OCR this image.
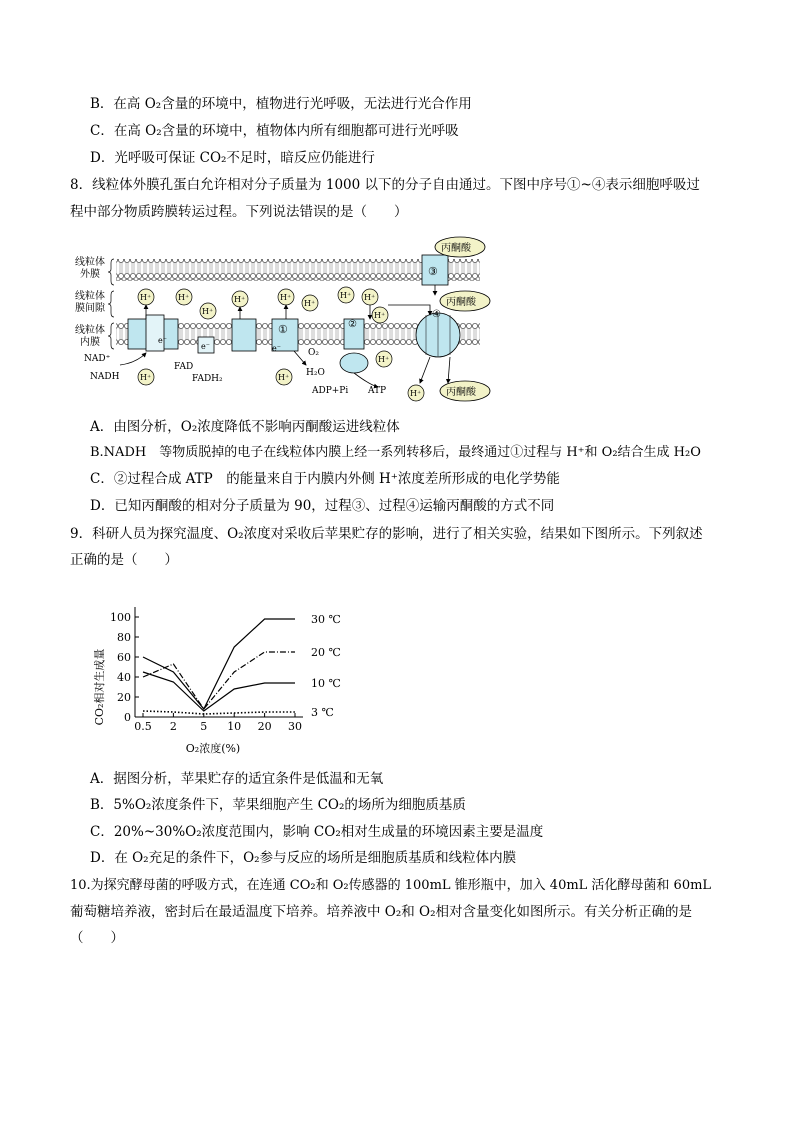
B．在高 O₂含量的环境中，植物进行光呼吸，无法进行光合作用
C．在高 O₂含量的环境中，植物体内所有细胞都可进行光呼吸
D．光呼吸可保证 CO₂不足时，暗反应仍能进行
8．线粒体外膜孔蛋白允许相对分子质量为 1000 以下的分子自由通过。下图中序号①~④表示细胞呼吸过
程中部分物质跨膜转运过程。下列说法错误的是（　　）
线粒体
外膜
线粒体
膜间隙
线粒体
内膜
③
丙酮酸
丙酮酸
丙酮酸
e⁻
①
e⁻
e⁻
②
④
H⁺	H⁺
H⁺
H⁺	H⁺
H⁺
H⁺ H⁺
H⁺
H⁺	H⁺
H⁺
H⁺
NAD⁺
NADH
FAD
FADH₂
O₂
H₂O
ADP+Pi ATP
A．由图分析，O₂浓度降低不影响丙酮酸运进线粒体
B.NADH　等物质脱掉的电子在线粒体内膜上经一系列转移后，最终通过①过程与 H⁺和 O₂结合生成 H₂O
C．②过程合成 ATP　的能量来自于内膜内外侧 H⁺浓度差所形成的电化学势能
D．已知丙酮酸的相对分子质量为 90，过程③、过程④运输丙酮酸的方式不同
9．科研人员为探究温度、O₂浓度对采收后苹果贮存的影响，进行了相关实验，结果如下图所示。下列叙述
正确的是（　　）
CO₂相对生成量
O₂浓度(%)
0
20
40
60
80
100
0.5 2 5 10 20 30
30 ℃
20 ℃
10 ℃
3 ℃
A．据图分析，苹果贮存的适宜条件是低温和无氧
B．5%O₂浓度条件下，苹果细胞产生 CO₂的场所为细胞质基质
C．20%~30%O₂浓度范围内，影响 CO₂相对生成量的环境因素主要是温度
D．在 O₂充足的条件下，O₂参与反应的场所是细胞质基质和线粒体内膜
10.为探究酵母菌的呼吸方式，在连通 CO₂和 O₂传感器的 100mL 锥形瓶中，加入 40mL 活化酵母菌和 60mL
葡萄糖培养液，密封后在最适温度下培养。培养液中 O₂和 O₂相对含量变化如图所示。有关分析正确的是
（　　）
